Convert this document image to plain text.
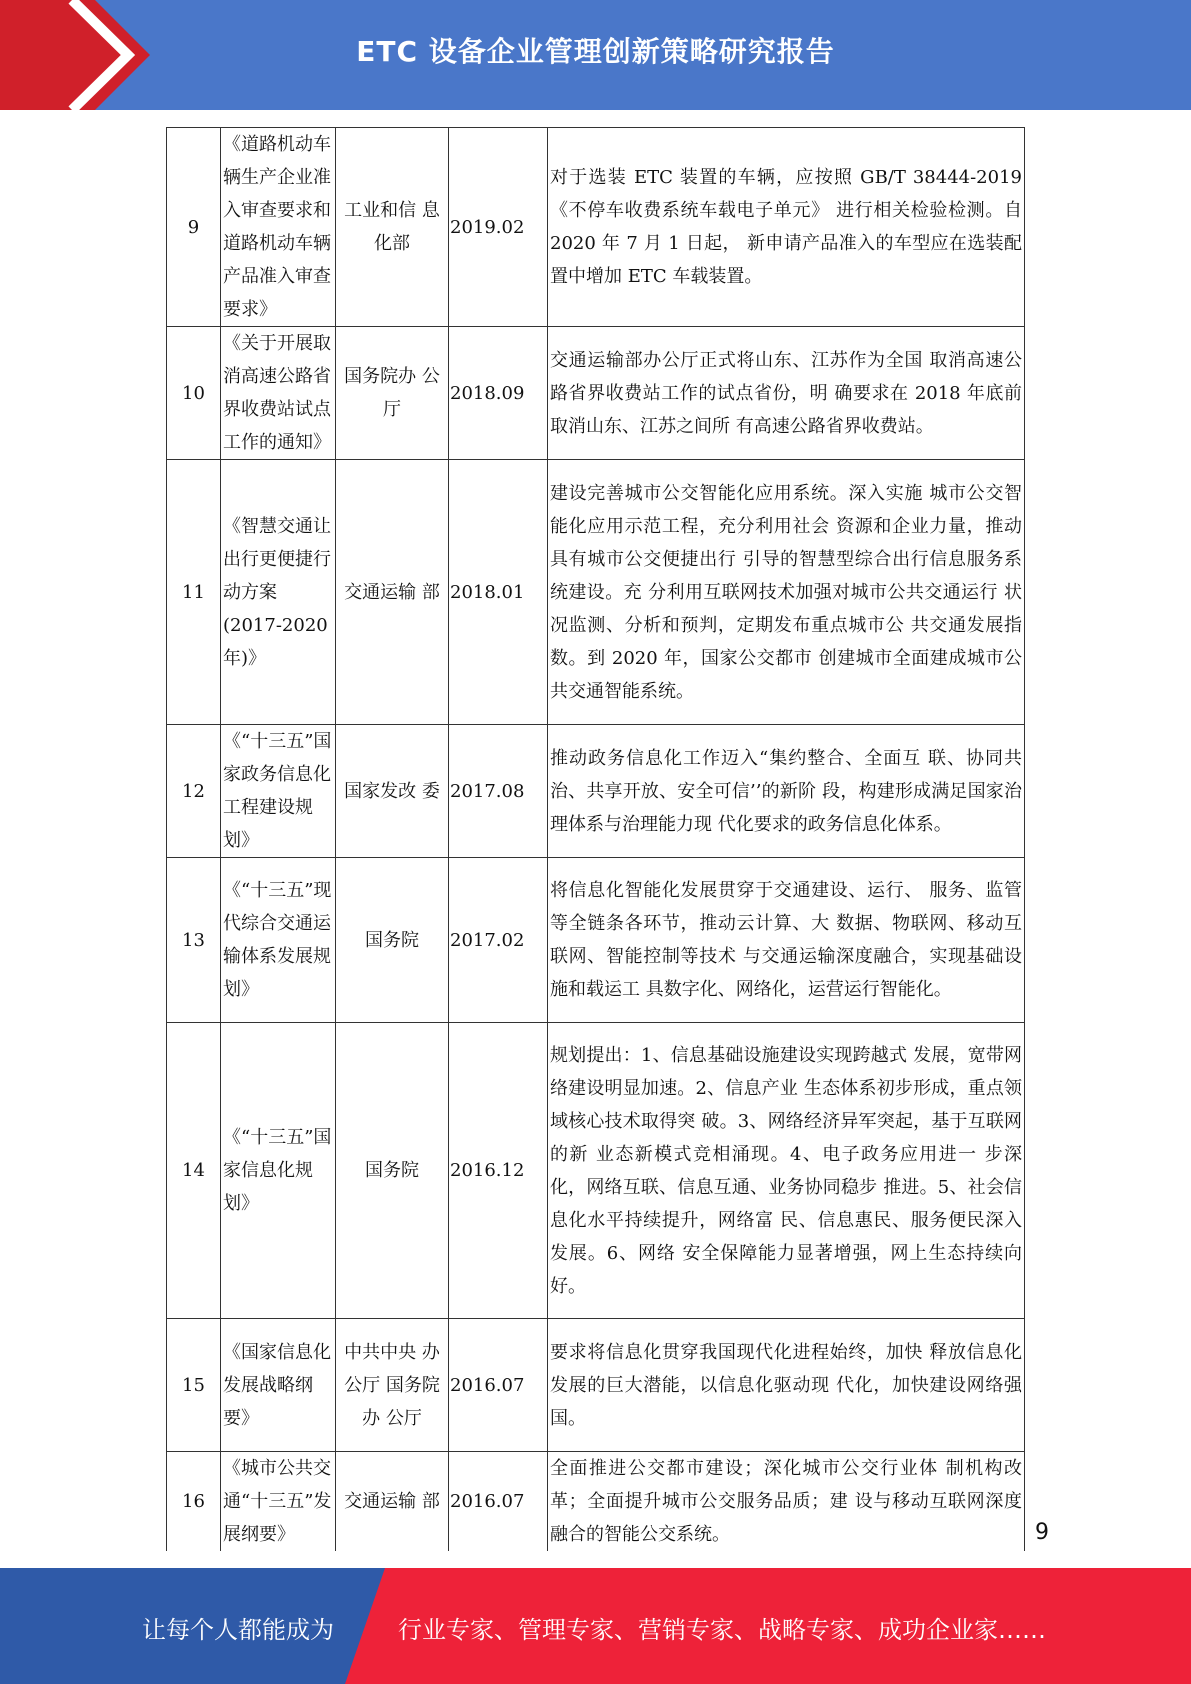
ETC 设备企业管理创新策略研究报告
9	《道路机动车 辆生产企业准 入审查要求和 道路机动车辆 产品准入审查 要求》	工业和信 息化部	2019.02	对于选装 ETC 装置的车辆，应按照 GB/T 38444-2019《不停车收费系统车载电子单元》 进行相关检验检测。自 2020 年 7 月 1 日起， 新申请产品准入的车型应在选装配置中增加 ETC 车载装置。
10	《关于开展取 消高速公路省 界收费站试点 工作的通知》	国务院办 公厅	2018.09	交通运输部办公厅正式将山东、江苏作为全国 取消高速公路省界收费站工作的试点省份，明 确要求在 2018 年底前取消山东、江苏之间所 有高速公路省界收费站。
11	《智慧交通让 出行更便捷行 动方案 (2017-2020 年)》	交通运输 部	2018.01	建设完善城市公交智能化应用系统。深入实施 城市公交智能化应用示范工程，充分利用社会 资源和企业力量，推动具有城市公交便捷出行 引导的智慧型综合出行信息服务系统建设。充 分利用互联网技术加强对城市公共交通运行 状况监测、分析和预判，定期发布重点城市公 共交通发展指数。到 2020 年，国家公交都市 创建城市全面建成城市公共交通智能系统。
12	《“十三五”国 家政务信息化 工程建设规 划》	国家发改 委	2017.08	推动政务信息化工作迈入“集约整合、全面互 联、协同共治、共享开放、安全可信’’的新阶 段，构建形成满足国家治理体系与治理能力现 代化要求的政务信息化体系。
13	《“十三五”现 代综合交通运 输体系发展规 划》	国务院	2017.02	将信息化智能化发展贯穿于交通建设、运行、 服务、监管等全链条各环节，推动云计算、大 数据、物联网、移动互联网、智能控制等技术 与交通运输深度融合，实现基础设施和载运工 具数字化、网络化，运营运行智能化。
14	《“十三五”国 家信息化规 划》	国务院	2016.12	规划提出：1、信息基础设施建设实现跨越式 发展，宽带网络建设明显加速。2、信息产业 生态体系初步形成，重点领域核心技术取得突 破。3、网络经济异军突起，基于互联网的新 业态新模式竞相涌现。4、电子政务应用进一 步深化，网络互联、信息互通、业务协同稳步 推进。5、社会信息化水平持续提升，网络富 民、信息惠民、服务便民深入发展。6、网络 安全保障能力显著增强，网上生态持续向好。
15	《国家信息化 发展战略纲 要》	中共中央 办公厅 国务院办 公厅	2016.07	要求将信息化贯穿我国现代化进程始终，加快 释放信息化发展的巨大潜能，以信息化驱动现 代化，加快建设网络强国。
16	《城市公共交 通“十三五”发 展纲要》	交通运输 部	2016.07	全面推进公交都市建设；深化城市公交行业体 制机构改革；全面提升城市公交服务品质；建 设与移动互联网深度融合的智能公交系统。	9
让每个人都能成为	行业专家、管理专家、营销专家、战略专家、成功企业家……
